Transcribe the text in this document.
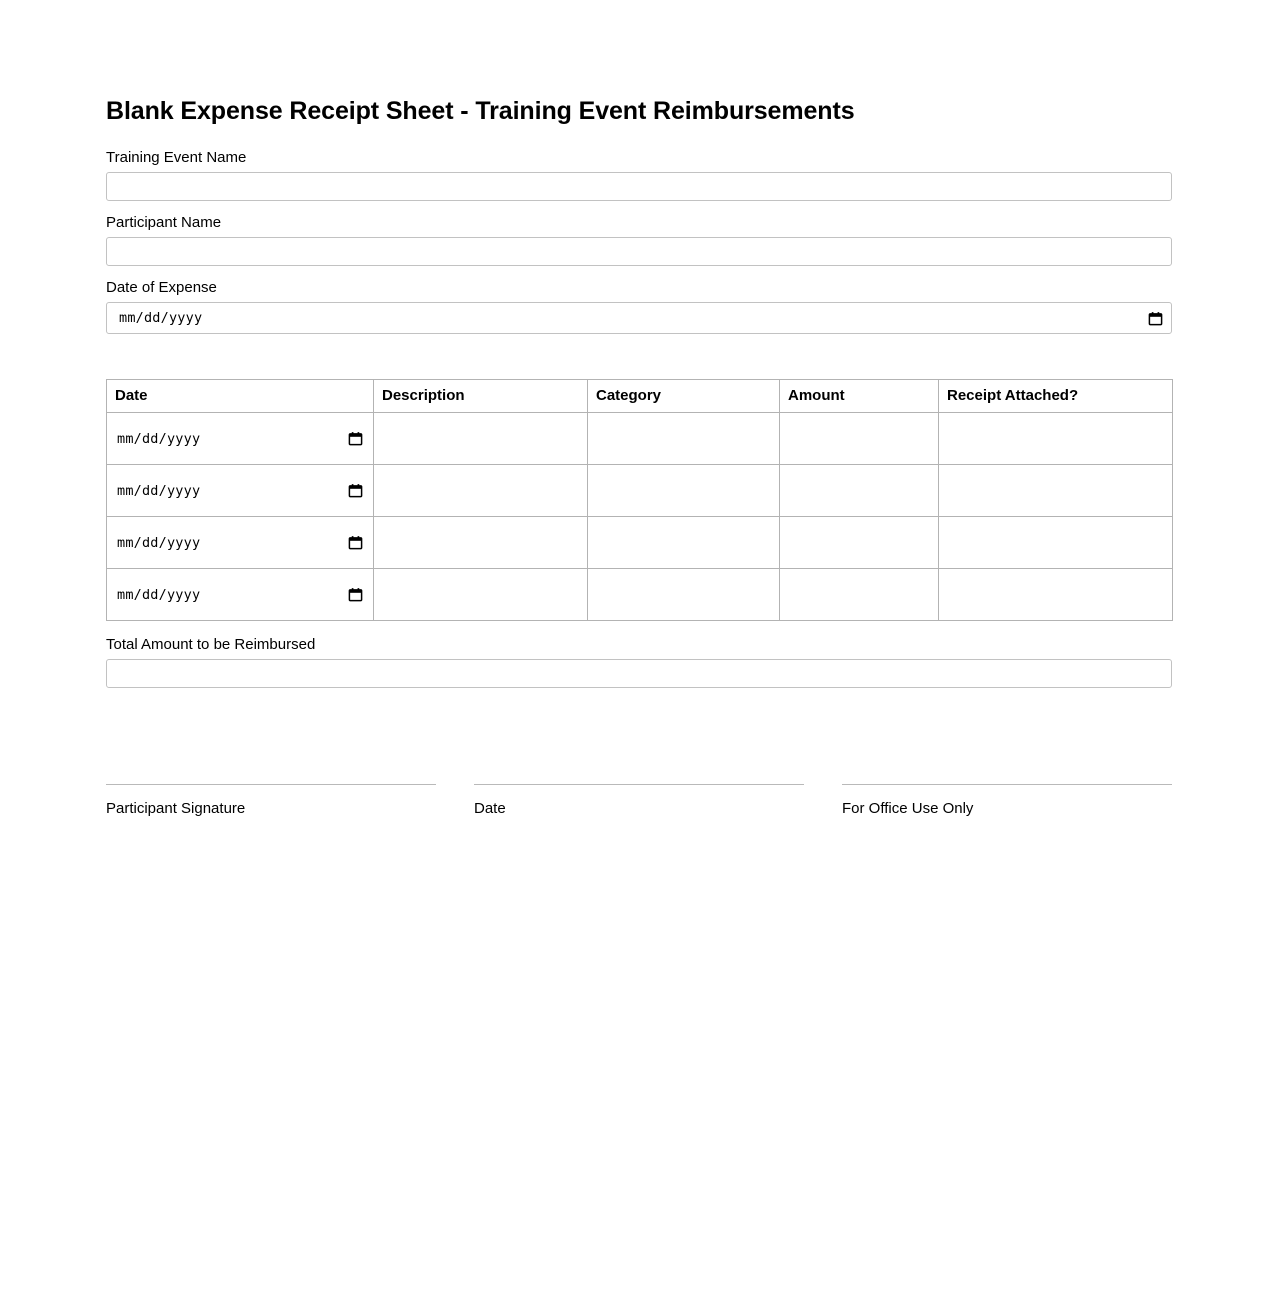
Blank Expense Receipt Sheet - Training Event Reimbursements
Training Event Name
Participant Name
Date of Expense
mm/dd/yyyy
Date	Description	Category	Amount	Receipt Attached?

mm/dd/yyyy

mm/dd/yyyy

mm/dd/yyyy

mm/dd/yyyy

Total Amount to be Reimbursed
Participant Signature	Date	For Office Use Only
